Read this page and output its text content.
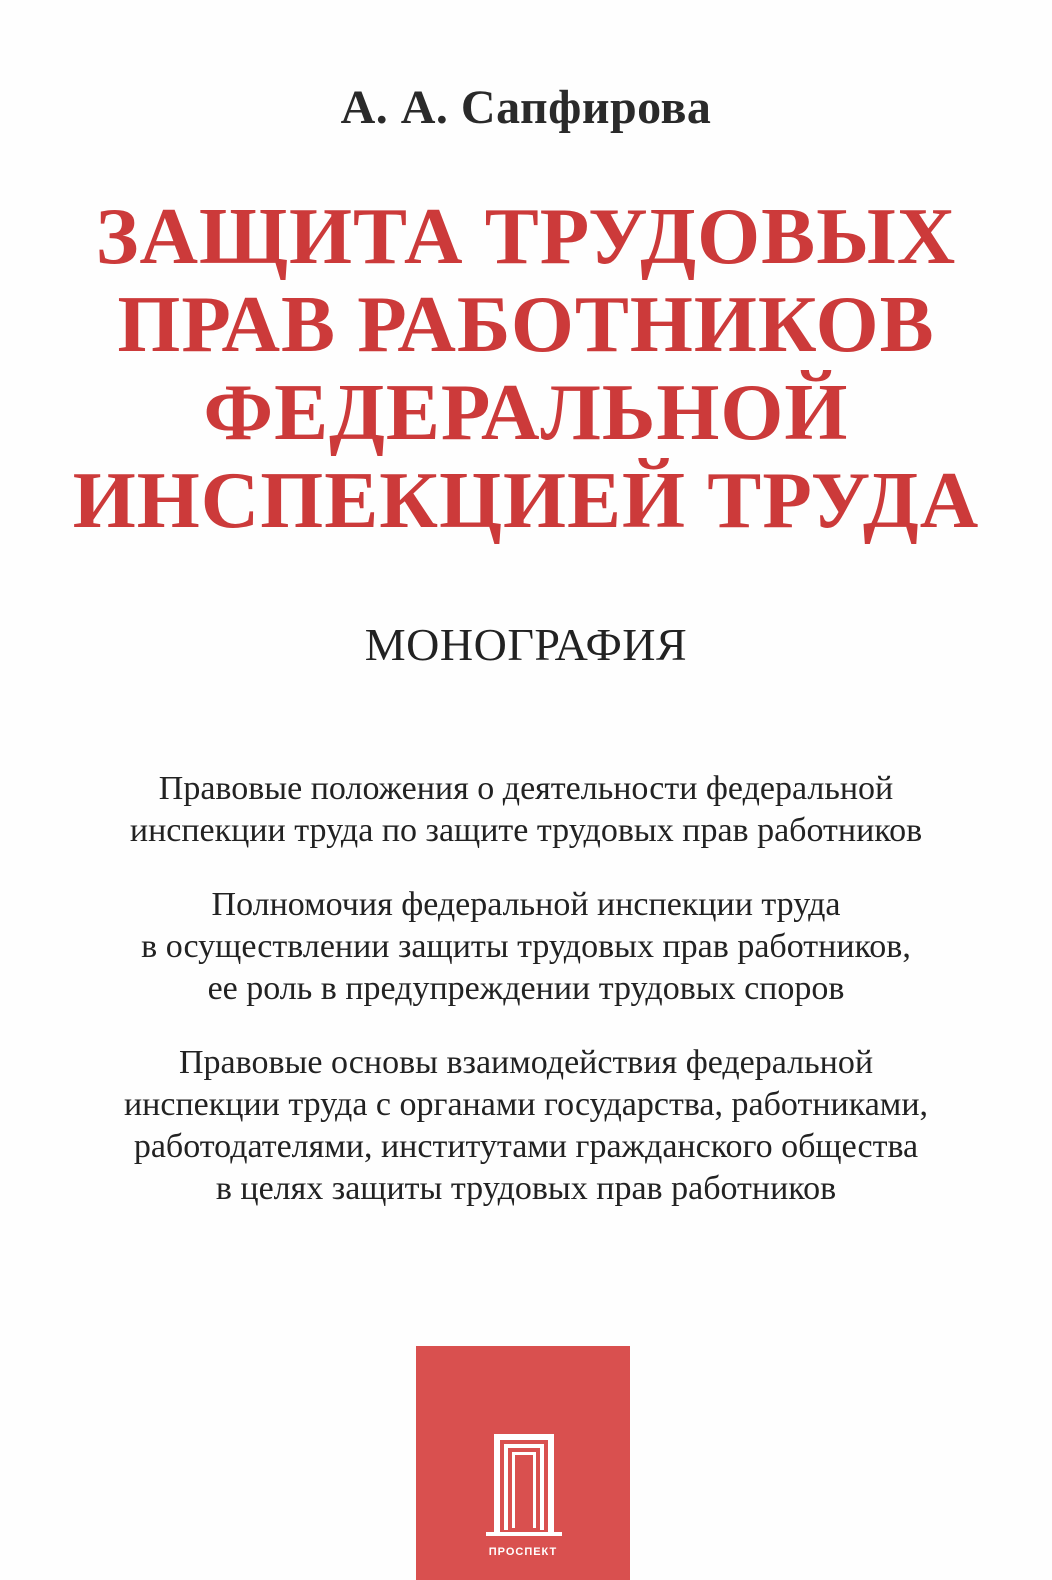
А. А. Сапфирова
ЗАЩИТА ТРУДОВЫХ
ПРАВ РАБОТНИКОВ
ФЕДЕРАЛЬНОЙ
ИНСПЕКЦИЕЙ ТРУДА
МОНОГРАФИЯ
Правовые положения о деятельности федеральной
инспекции труда по защите трудовых прав работников
Полномочия федеральной инспекции труда
в осуществлении защиты трудовых прав работников,
ее роль в предупреждении трудовых споров
Правовые основы взаимодействия федеральной
инспекции труда с органами государства, работниками,
работодателями, институтами гражданского общества
в целях защиты трудовых прав работников
ПРОСПЕКТ
